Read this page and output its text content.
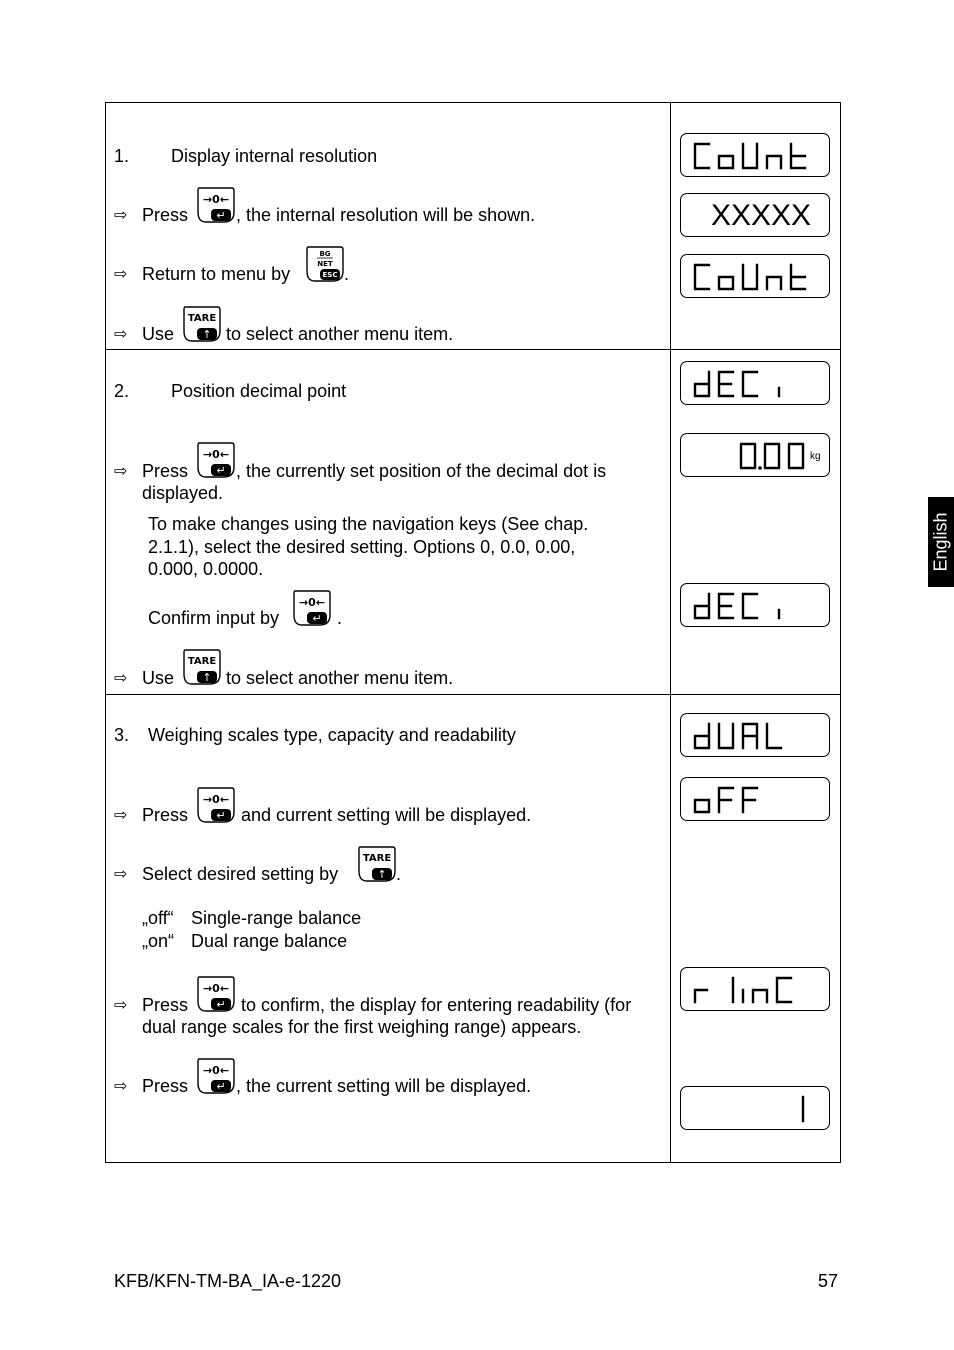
1. Display internal resolution
⇨ Press
→0←
↵ , the internal resolution will be shown.
⇨ Return to menu by
BG
NET
ESC .
⇨ Use
TARE
↑ to select another menu item.
XXXXX
2. Position decimal point
⇨ Press
→0←
↵ , the currently set position of the decimal dot is
displayed.
To make changes using the navigation keys (See chap.
2.1.1), select the desired setting. Options 0, 0.0, 0.00,
0.000, 0.0000.
Confirm input by
→0←
↵ .
⇨ Use
TARE
↑ to select another menu item.
kg
3. Weighing scales type, capacity and readability
⇨ Press
→0←
↵ and current setting will be displayed.
⇨ Select desired setting by
TARE
↑ .
„off“ Single-range balance
„on“ Dual range balance
⇨ Press
→0←
↵ to confirm, the display for entering readability (for
dual range scales for the first weighing range) appears.
⇨ Press
→0←
↵ , the current setting will be displayed.
English
KFB/KFN-TM-BA_IA-e-1220	57
